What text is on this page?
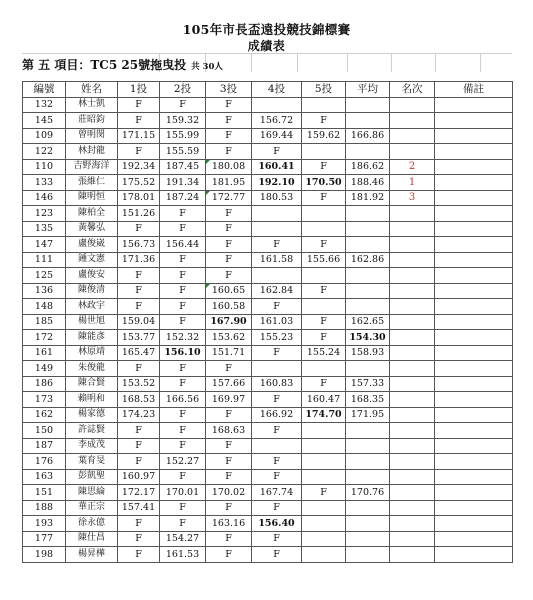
105年市長盃遠投競技錦標賽
成績表
第 五 項目：TC5 25號拖曳投 共 30人
編號	姓名	1投	2投	3投	4投	5投	平均	名次	備註
132	林士凱	F	F	F					
145	莊昭鈞	F	159.32	F	156.72	F			
109	曾明閔	171.15	155.99	F	169.44	159.62	166.86		
122	林封龍	F	155.59	F	F				
110	吉野海洋	192.34	187.45	180.08	160.41	F	186.62	2	
133	張維仁	175.52	191.34	181.95	192.10	170.50	188.46	1	
146	陳明恒	178.01	187.24	172.77	180.53	F	181.92	3	
123	陳柏全	151.26	F	F					
135	黃馨弘	F	F	F					
147	盧俊崴	156.73	156.44	F	F	F			
111	鍾文憲	171.36	F	F	161.58	155.66	162.86		
125	盧俊安	F	F	F					
136	陳俊清	F	F	160.65	162.84	F			
148	林政宇	F	F	160.58	F				
185	楊世旭	159.04	F	167.90	161.03	F	162.65		
172	陳能彥	153.77	152.32	153.62	155.23	F	154.30		
161	林原靖	165.47	156.10	151.71	F	155.24	158.93		
149	朱俊龍	F	F	F					
186	陳合賢	153.52	F	157.66	160.83	F	157.33		
173	賴明和	168.53	166.56	169.97	F	160.47	168.35		
162	楊家德	174.23	F	F	166.92	174.70	171.95		
150	許誌賢	F	F	168.63	F				
187	李成茂	F	F	F					
176	葉育旻	F	152.27	F	F				
163	彭凱聖	160.97	F	F	F				
151	陳思綸	172.17	170.01	170.02	167.74	F	170.76		
188	華正宗	157.41	F	F	F				
193	徐永億	F	F	163.16	156.40				
177	陳仕昌	F	154.27	F	F				
198	楊昇樺	F	161.53	F	F				
